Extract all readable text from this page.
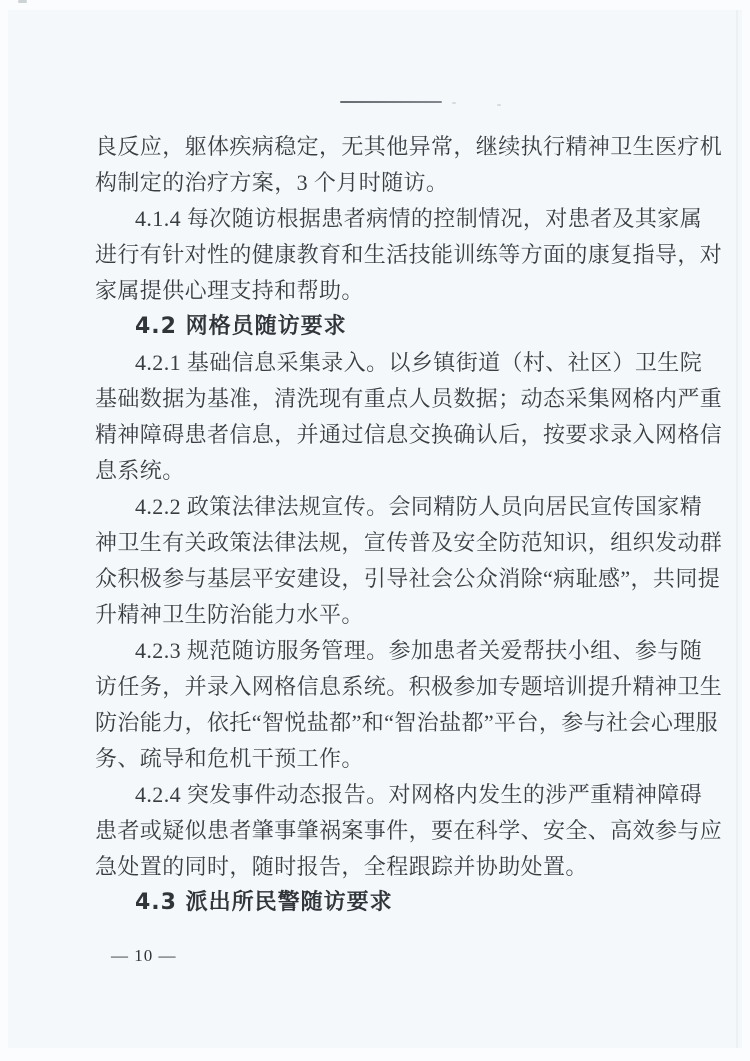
良反应，躯体疾病稳定，无其他异常，继续执行精神卫生医疗机
构制定的治疗方案，3 个月时随访。
4.1.4 每次随访根据患者病情的控制情况，对患者及其家属
进行有针对性的健康教育和生活技能训练等方面的康复指导，对
家属提供心理支持和帮助。
4.2 网格员随访要求
4.2.1 基础信息采集录入。以乡镇街道（村、社区）卫生院
基础数据为基准，清洗现有重点人员数据；动态采集网格内严重
精神障碍患者信息，并通过信息交换确认后，按要求录入网格信
息系统。
4.2.2 政策法律法规宣传。会同精防人员向居民宣传国家精
神卫生有关政策法律法规，宣传普及安全防范知识，组织发动群
众积极参与基层平安建设，引导社会公众消除“病耻感”，共同提
升精神卫生防治能力水平。
4.2.3 规范随访服务管理。参加患者关爱帮扶小组、参与随
访任务，并录入网格信息系统。积极参加专题培训提升精神卫生
防治能力，依托“智悦盐都”和“智治盐都”平台，参与社会心理服
务、疏导和危机干预工作。
4.2.4 突发事件动态报告。对网格内发生的涉严重精神障碍
患者或疑似患者肇事肇祸案事件，要在科学、安全、高效参与应
急处置的同时，随时报告，全程跟踪并协助处置。
4.3 派出所民警随访要求
— 10 —
